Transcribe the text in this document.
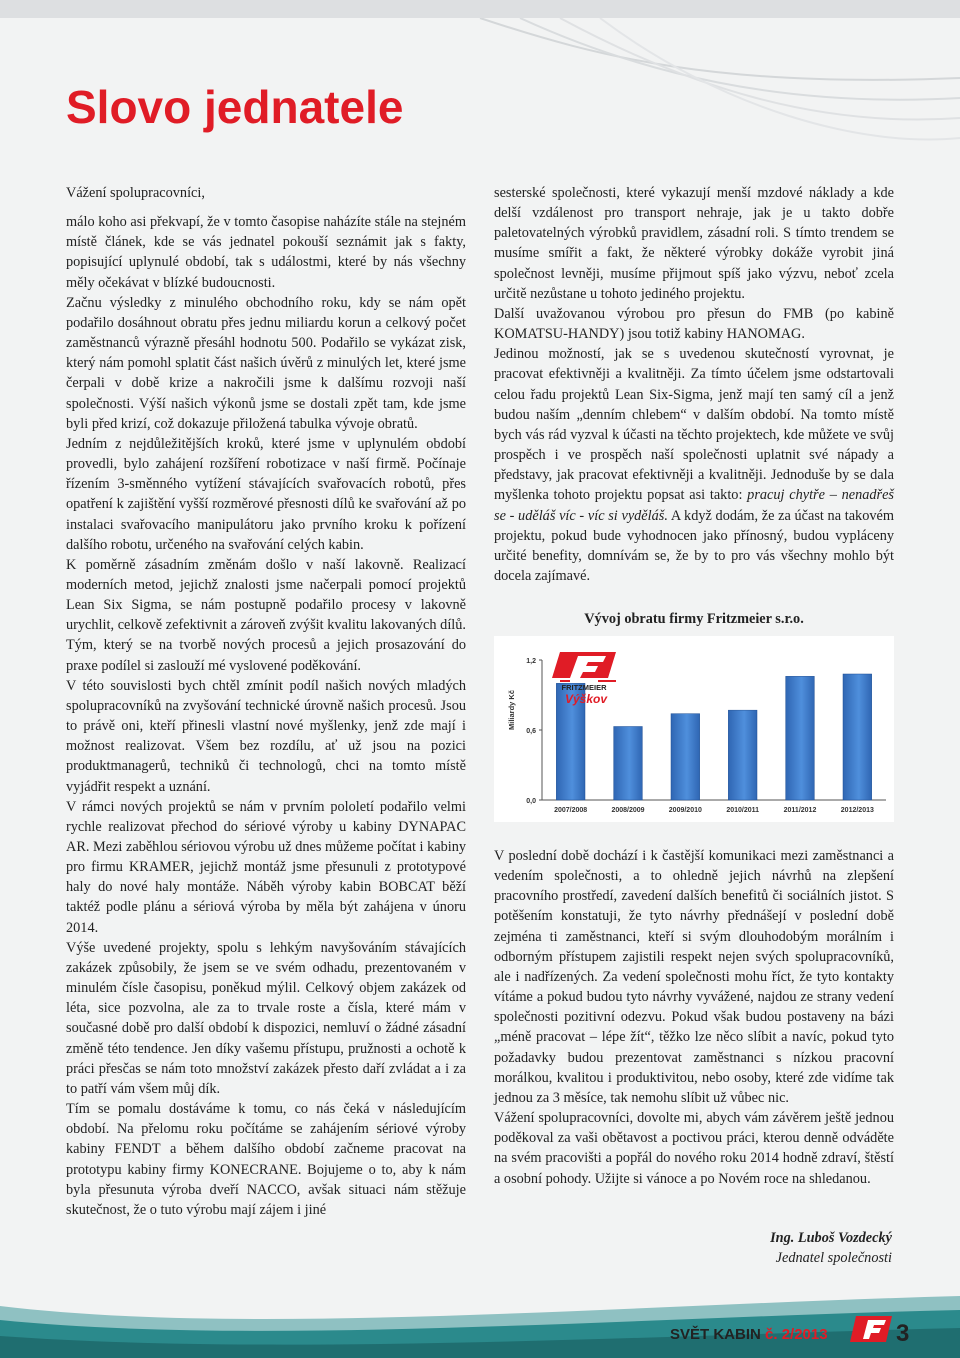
Slovo jednatele

Vážení spolupracovníci,

málo koho asi překvapí, že v tomto časopise naházíte stále na stejném místě článek, kde se vás jednatel pokouší seznámit jak s fakty, popisující uplynulé období, tak s událostmi, které by nás všechny měly očekávat v blízké budoucnosti.

Začnu výsledky z minulého obchodního roku, kdy se nám opět podařilo dosáhnout obratu přes jednu miliardu korun a celkový počet zaměstnanců výrazně přesáhl hodnotu 500. Podařilo se vykázat zisk, který nám pomohl splatit část našich úvěrů z minulých let, které jsme čerpali v době krize a nakročili jsme k dalšímu rozvoji naší společnosti. Výší našich výkonů jsme se dostali zpět tam, kde jsme byli před krizí, což dokazuje přiložená tabulka vývoje obratů.

Jedním z nejdůležitějších kroků, které jsme v uplynulém období provedli, bylo zahájení rozšíření robotizace v naší firmě. Počínaje řízením 3-směnného vytížení stávajících svařovacích robotů, přes opatření k zajištění vyšší rozměrové přesnosti dílů ke svařování až po instalaci svařovacího manipulátoru jako prvního kroku k pořízení dalšího robotu, určeného na svařování celých kabin.

K poměrně zásadním změnám došlo v naší lakovně. Realizací moderních metod, jejichž znalosti jsme načerpali pomocí projektů Lean Six Sigma, se nám postupně podařilo procesy v lakovně urychlit, celkově zefektivnit a zároveň zvýšit kvalitu lakovaných dílů. Tým, který se na tvorbě nových procesů a jejich prosazování do praxe podílel si zaslouží mé vyslovené poděkování.

V této souvislosti bych chtěl zmínit podíl našich nových mladých spolupracovníků na zvyšování technické úrovně našich procesů. Jsou to právě oni, kteří přinesli vlastní nové myšlenky, jenž zde mají i možnost realizovat. Všem bez rozdílu, ať už jsou na pozici produktmanagerů, techniků či technologů, chci na tomto místě vyjádřit respekt a uznání.

V rámci nových projektů se nám v prvním pololetí podařilo velmi rychle realizovat přechod do sériové výroby u kabiny DYNAPAC AR. Mezi zaběhlou sériovou výrobu už dnes můžeme počítat i kabiny pro firmu KRAMER, jejichž montáž jsme přesunuli z prototypové haly do nové haly montáže. Náběh výroby kabin BOBCAT běží taktéž podle plánu a sériová výroba by měla být zahájena v únoru 2014.

Výše uvedené projekty, spolu s lehkým navyšováním stávajících zakázek způsobily, že jsem se ve svém odhadu, prezentovaném v minulém čísle časopisu, poněkud mýlil. Celkový objem zakázek od léta, sice pozvolna, ale za to trvale roste a čísla, které mám v současné době pro další období k dispozici, nemluví o žádné zásadní změně této tendence. Jen díky vašemu přístupu, pružnosti a ochotě k práci přesčas se nám toto množství zakázek přesto daří zvládat a i za to patří vám všem můj dík.

Tím se pomalu dostáváme k tomu, co nás čeká v následujícím období. Na přelomu roku počítáme se zahájením sériové výroby kabiny FENDT a během dalšího období začneme pracovat na prototypu kabiny firmy KONECRANE. Bojujeme o to, aby k nám byla přesunuta výroba dveří NACCO, avšak situaci nám stěžuje skutečnost, že o tuto výrobu mají zájem i jiné

sesterské společnosti, které vykazují menší mzdové náklady a kde delší vzdálenost pro transport nehraje, jak je u takto dobře paletovatelných výrobků pravidlem, zásadní roli. S tímto trendem se musíme smířit a fakt, že některé výrobky dokáže vyrobit jiná společnost levněji, musíme přijmout spíš jako výzvu, neboť zcela určitě nezůstane u tohoto jediného projektu.

Další uvažovanou výrobou pro přesun do FMB (po kabině KOMATSU-HANDY) jsou totiž kabiny HANOMAG.

Jedinou možností, jak se s uvedenou skutečností vyrovnat, je pracovat efektivněji a kvalitněji. Za tímto účelem jsme odstartovali celou řadu projektů Lean Six-Sigma, jenž mají ten samý cíl a jenž budou naším „denním chlebem“ v dalším období. Na tomto místě bych vás rád vyzval k účasti na těchto projektech, kde můžete ve svůj prospěch i ve prospěch naší společnosti uplatnit své nápady a představy, jak pracovat efektivněji a kvalitněji. Jednoduše by se dala myšlenka tohoto projektu popsat asi takto: pracuj chytře – nenadřeš se - uděláš víc - víc si vyděláš. A když dodám, že za účast na takovém projektu, pokud bude vyhodnocen jako přínosný, budou vypláceny určité benefity, domnívám se, že by to pro vás všechny mohlo být docela zajímavé.

Vývoj obratu firmy Fritzmeier s.r.o.

0,0
0,6
1,2
Miliardy Kč
2007/2008	2008/2009	2009/2010	2010/2011	2011/2012	2012/2013
FRITZMEIER
Výškov

V poslední době dochází i k častější komunikaci mezi zaměstnanci a vedením společnosti, a to ohledně jejich návrhů na zlepšení pracovního prostředí, zavedení dalších benefitů či sociálních jistot. S potěšením konstatuji, že tyto návrhy přednášejí v poslední době zejména ti zaměstnanci, kteří si svým dlouhodobým morálním i odborným přístupem zajistili respekt nejen svých spolupracovníků, ale i nadřízených. Za vedení společnosti mohu říct, že tyto kontakty vítáme a pokud budou tyto návrhy vyvážené, najdou ze strany vedení společnosti pozitivní odezvu. Pokud však budou postaveny na bázi „méně pracovat – lépe žít“, těžko lze něco slíbit a navíc, pokud tyto požadavky budou prezentovat zaměstnanci s nízkou pracovní morálkou, kvalitou i produktivitou, nebo osoby, které zde vidíme tak jednou za 3 měsíce, tak nemohu slíbit už vůbec nic.

Vážení spolupracovníci, dovolte mi, abych vám závěrem ještě jednou poděkoval za vaši obětavost a poctivou práci, kterou denně odváděte na svém pracovišti a popřál do nového roku 2014 hodně zdraví, štěstí a osobní pohody. Užijte si vánoce a po Novém roce na shledanou.

Ing. Luboš Vozdecký
Jednatel společnosti
SVĚT KABIN č. 2/2013	3
